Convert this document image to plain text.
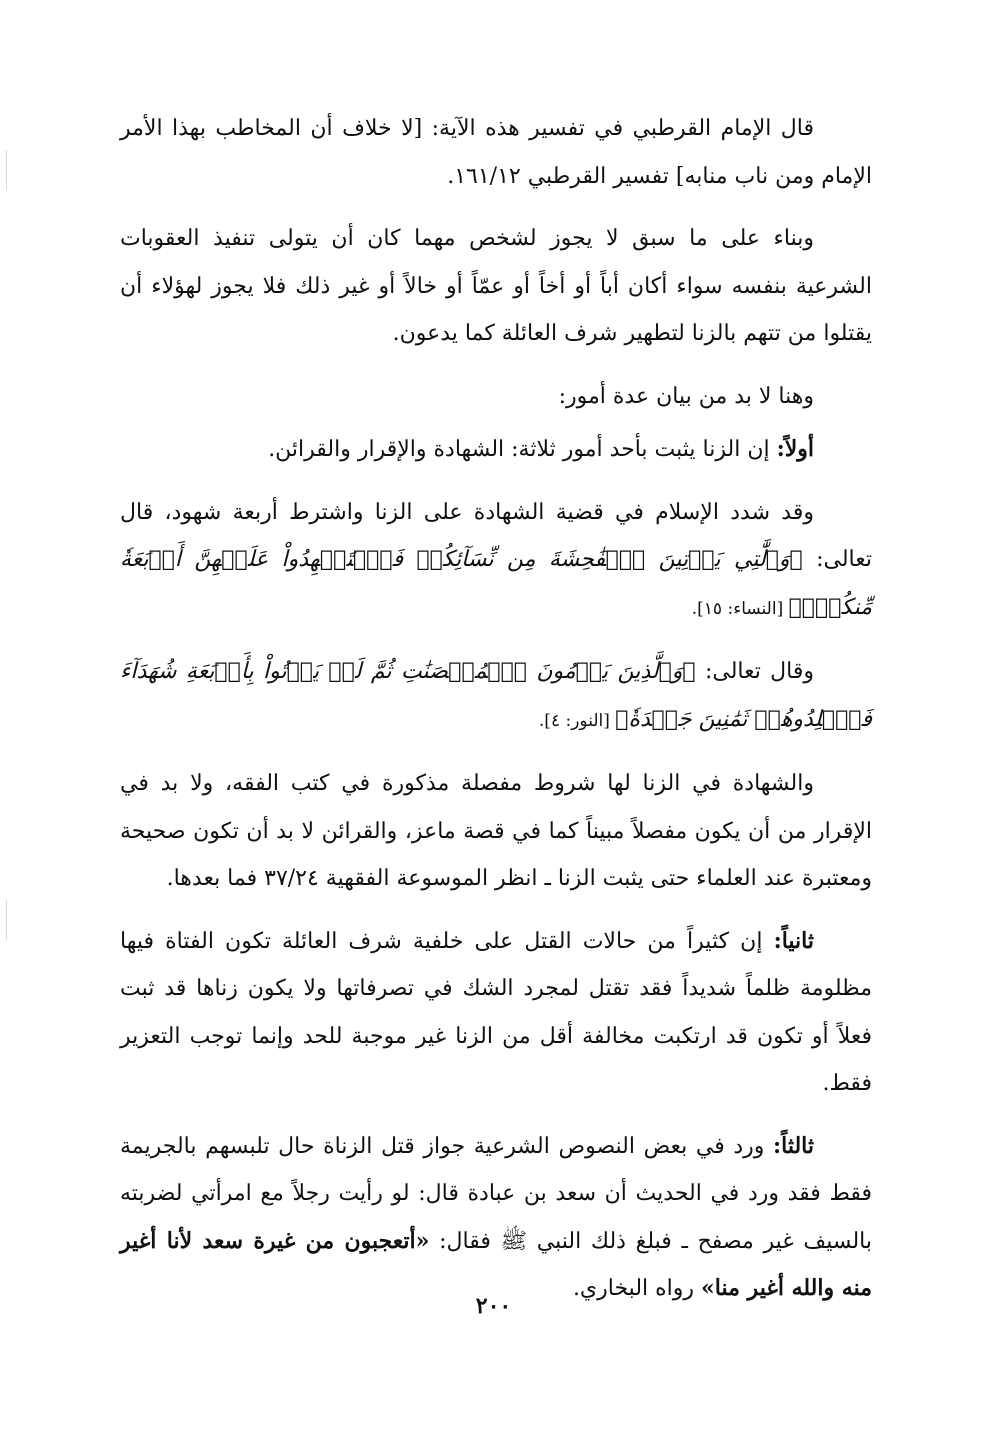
قال الإمام القرطبي في تفسير هذه الآية: [لا خلاف أن المخاطب بهذا الأمر الإمام ومن ناب منابه] تفسير القرطبي ١٦١/١٢.

وبناء على ما سبق لا يجوز لشخص مهما كان أن يتولى تنفيذ العقوبات الشرعية بنفسه سواء أكان أباً أو أخاً أو عمّاً أو خالاً أو غير ذلك فلا يجوز لهؤلاء أن يقتلوا من تتهم بالزنا لتطهير شرف العائلة كما يدعون.

وهنا لا بد من بيان عدة أمور:

أولاً: إن الزنا يثبت بأحد أمور ثلاثة: الشهادة والإقرار والقرائن.

وقد شدد الإسلام في قضية الشهادة على الزنا واشترط أربعة شهود، قال تعالى: ﴿وَٱلَّٰتِي يَأۡتِينَ ٱلۡفَٰحِشَةَ مِن نِّسَآئِكُمۡ فَٱسۡتَشۡهِدُواْ عَلَيۡهِنَّ أَرۡبَعَةٗ مِّنكُمۡۖ﴾ [النساء: ١٥].

وقال تعالى: ﴿وَٱلَّذِينَ يَرۡمُونَ ٱلۡمُحۡصَنَٰتِ ثُمَّ لَمۡ يَأۡتُواْ بِأَرۡبَعَةِ شُهَدَآءَ فَٱجۡلِدُوهُمۡ ثَمَٰنِينَ جَلۡدَةٗ﴾ [النور: ٤].

والشهادة في الزنا لها شروط مفصلة مذكورة في كتب الفقه، ولا بد في الإقرار من أن يكون مفصلاً مبيناً كما في قصة ماعز، والقرائن لا بد أن تكون صحيحة ومعتبرة عند العلماء حتى يثبت الزنا ـ انظر الموسوعة الفقهية ٣٧/٢٤ فما بعدها.

ثانياً: إن كثيراً من حالات القتل على خلفية شرف العائلة تكون الفتاة فيها مظلومة ظلماً شديداً فقد تقتل لمجرد الشك في تصرفاتها ولا يكون زناها قد ثبت فعلاً أو تكون قد ارتكبت مخالفة أقل من الزنا غير موجبة للحد وإنما توجب التعزير فقط.

ثالثاً: ورد في بعض النصوص الشرعية جواز قتل الزناة حال تلبسهم بالجريمة فقط فقد ورد في الحديث أن سعد بن عبادة قال: لو رأيت رجلاً مع امرأتي لضربته بالسيف غير مصفح ـ فبلغ ذلك النبي ﷺ فقال: «أتعجبون من غيرة سعد لأنا أغير منه والله أغير منا» رواه البخاري.

٢٠٠
